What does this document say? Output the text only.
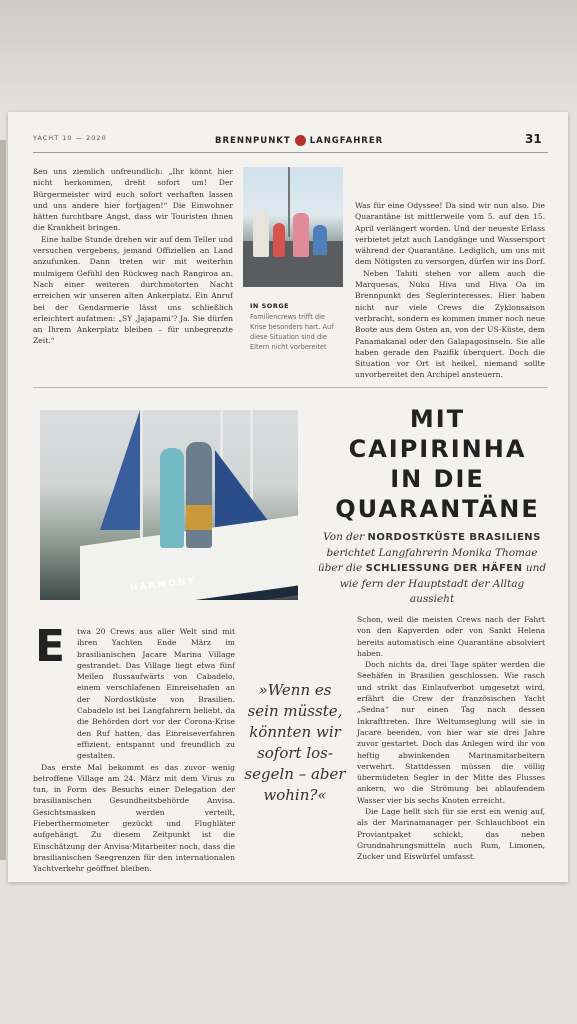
YACHT 10 — 2020	BRENNPUNKT LANGFAHRER	31

ßen uns ziemlich unfreundlich: „Ihr könnt hier nicht herkommen, dreht sofort um! Der Bürgermeister wird euch sofort verhaften lassen und uns andere hier fortjagen!“ Die Einwohner hätten furchtbare Angst, dass wir Touristen ihnen die Krankheit bringen.

Eine halbe Stunde drehen wir auf dem Teller und versuchen vergebens, jemand Offiziellen an Land anzufunken. Dann treten wir mit weiterhin mulmigem Gefühl den Rückweg nach Rangiroa an. Nach einer weiteren durchmotorten Nacht erreichen wir unseren alten Ankerplatz. Ein Anruf bei der Gendarmerie lässt uns schließlich erleichtert aufatmen: „SY ,Jajapami‘? Ja. Sie dürfen an Ihrem Ankerplatz bleiben – für unbegrenzte Zeit.“

IN SORGE
Familiencrews trifft die Krise besonders hart. Auf diese Situation sind die Eltern nicht vorbereitet

Was für eine Odyssee! Da sind wir nun also. Die Quarantäne ist mittlerweile vom 5. auf den 15. April verlängert worden. Und der neueste Erlass verbietet jetzt auch Landgänge und Wassersport während der Quarantäne. Lediglich, um uns mit dem Nötigsten zu versorgen, dürfen wir ins Dorf.

Neben Tahiti stehen vor allem auch die Marquesas, Nuku Hiva und Hiva Oa im Brennpunkt des Seglerinteresses. Hier haben nicht nur viele Crews die Zyklonsaison verbracht, sondern es kommen immer noch neue Boote aus dem Osten an, von der US-Küste, dem Panamakanal oder den Galapagosinseln. Sie alle haben gerade den Pazifik überquert. Doch die Situation vor Ort ist heikel, niemand sollte unvorbereitet den Archipel ansteuern.

HARMONY
MIT
CAIPIRINHA
IN DIE
QUARANTÄNE
Von der NORDOSTKÜSTE BRASILIENS berichtet Langfahrerin Monika Thomae über die SCHLIESSUNG DER HÄFEN und wie fern der Hauptstadt der Alltag aussieht
E	twa 20 Crews aus aller Welt sind mit ihren Yachten Ende März im brasilianischen Jacare Marina Village gestrandet. Das Village liegt etwa fünf Meilen flussaufwärts von Cabadelo, einem verschlafenen Einreisehafen an der Nordostküste von Brasilien. Cabadelo ist bei Langfahrern beliebt, da die Behörden dort vor der Corona-Krise den Ruf hatten, das Einreiseverfahren effizient, entspannt und freundlich zu gestalten.

Das erste Mal bekommt es das zuvor wenig betroffene Village am 24. März mit dem Virus zu tun, in Form des Besuchs einer Delegation der brasilianischen Gesundheitsbehörde Anvisa. Gesichtsmasken werden verteilt, Fieberthermometer gezückt und Flughläter aufgehängt. Zu diesem Zeitpunkt ist die Einschätzung der Anvisa-Mitarbeiter noch, dass die brasilianischen Seegrenzen für den internationalen Yachtverkehr geöffnet bleiben.

»Wenn es sein müsste, könnten wir sofort los-segeln – aber wohin?«

Schon, weil die meisten Crews nach der Fahrt von den Kapverden oder von Sankt Helena bereits automatisch eine Quarantäne absolviert haben.

Doch nichts da, drei Tage später werden die Seehäfen in Brasilien geschlossen. Wie rasch und strikt das Einlaufverbot umgesetzt wird, erfährt die Crew der französischen Yacht „Sedna“ nur einen Tag nach dessen Inkrafttreten. Ihre Weltumseglung will sie in Jacare beenden, von hier war sie drei Jahre zuvor gestartet. Doch das Anlegen wird ihr von heftig abwinkenden Marinamitarbeitern verwehrt. Stattdessen müssen die völlig übermüdeten Segler in der Mitte des Flusses ankern, wo die Strömung bei ablaufendem Wasser vier bis sechs Knoten erreicht.

Die Lage hellt sich für sie erst ein wenig auf, als der Marinamanager per Schlauchboot ein Proviantpaket schickt, das neben Grundnahrungsmitteln auch Rum, Limonen, Zucker und Eiswürfel umfasst.
